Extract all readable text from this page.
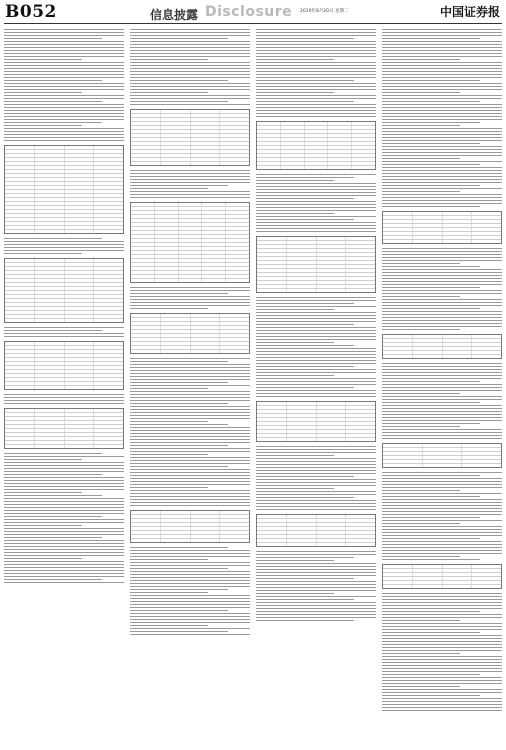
B052	信息披露 Disclosure 2019年8月20日 星期二	中国证券报
